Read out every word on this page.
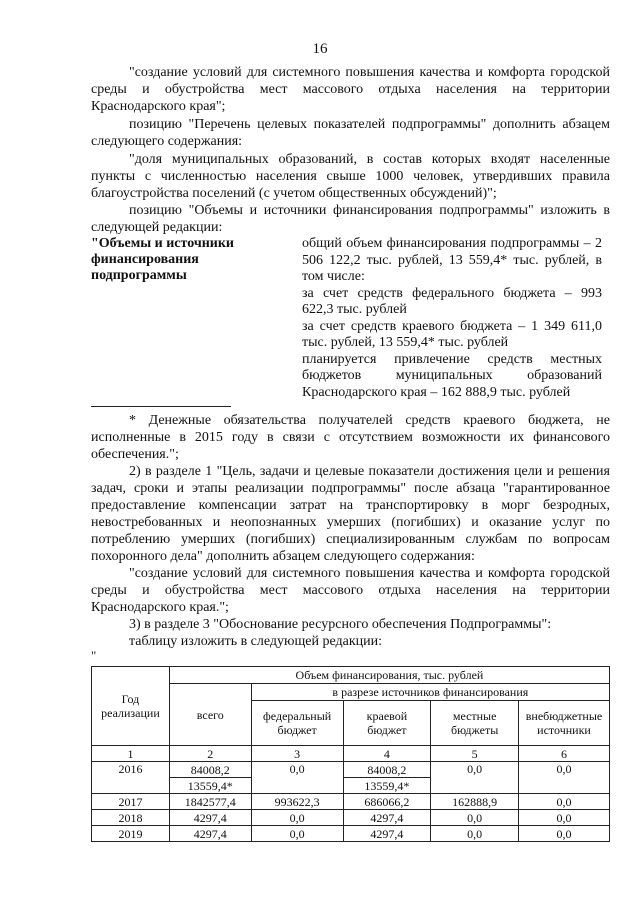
16

"создание условий для системного повышения качества и комфорта городской среды и обустройства мест массового отдыха населения на территории Краснодарского края";

позицию "Перечень целевых показателей подпрограммы" дополнить абзацем следующего содержания:

"доля муниципальных образований, в состав которых входят населенные пункты с численностью населения свыше 1000 человек, утвердивших правила благоустройства поселений (с учетом общественных обсуждений)";

позицию "Объемы и источники финансирования подпрограммы" изложить в следующей редакции:

"Объемы и источники финансирования подпрограммы
общий объем финансирования подпрограммы – 2 506 122,2 тыс. рублей, 13 559,4* тыс. рублей, в том числе:
за счет средств федерального бюджета – 993 622,3 тыс. рублей
за счет средств краевого бюджета – 1 349 611,0 тыс. рублей, 13 559,4* тыс. рублей
планируется привлечение средств местных бюджетов муниципальных образований Краснодарского края – 162 888,9 тыс. рублей

* Денежные обязательства получателей средств краевого бюджета, не исполненные в 2015 году в связи с отсутствием возможности их финансового обеспечения.";

2) в разделе 1 "Цель, задачи и целевые показатели достижения цели и решения задач, сроки и этапы реализации подпрограммы" после абзаца "гарантированное предоставление компенсации затрат на транспортировку в морг безродных, невостребованных и неопознанных умерших (погибших) и оказание услуг по потреблению умерших (погибших) специализированным службам по вопросам похоронного дела" дополнить абзацем следующего содержания:

"создание условий для системного повышения качества и комфорта городской среды и обустройства мест массового отдыха населения на территории Краснодарского края.";

3) в разделе 3 "Обоснование ресурсного обеспечения Подпрограммы":

таблицу изложить в следующей редакции:

"
Год реализации	Объем финансирования, тыс. рублей				
	всего	в разрезе источников финансирования			
		федеральный бюджет	краевой бюджет	местные бюджеты	внебюджетные источники
1	2	3	4	5	6
2016	84008,2	0,0	84008,2	0,0	0,0
	13559,4*		13559,4*		
2017	1842577,4	993622,3	686066,2	162888,9	0,0
2018	4297,4	0,0	4297,4	0,0	0,0
2019	4297,4	0,0	4297,4	0,0	0,0
